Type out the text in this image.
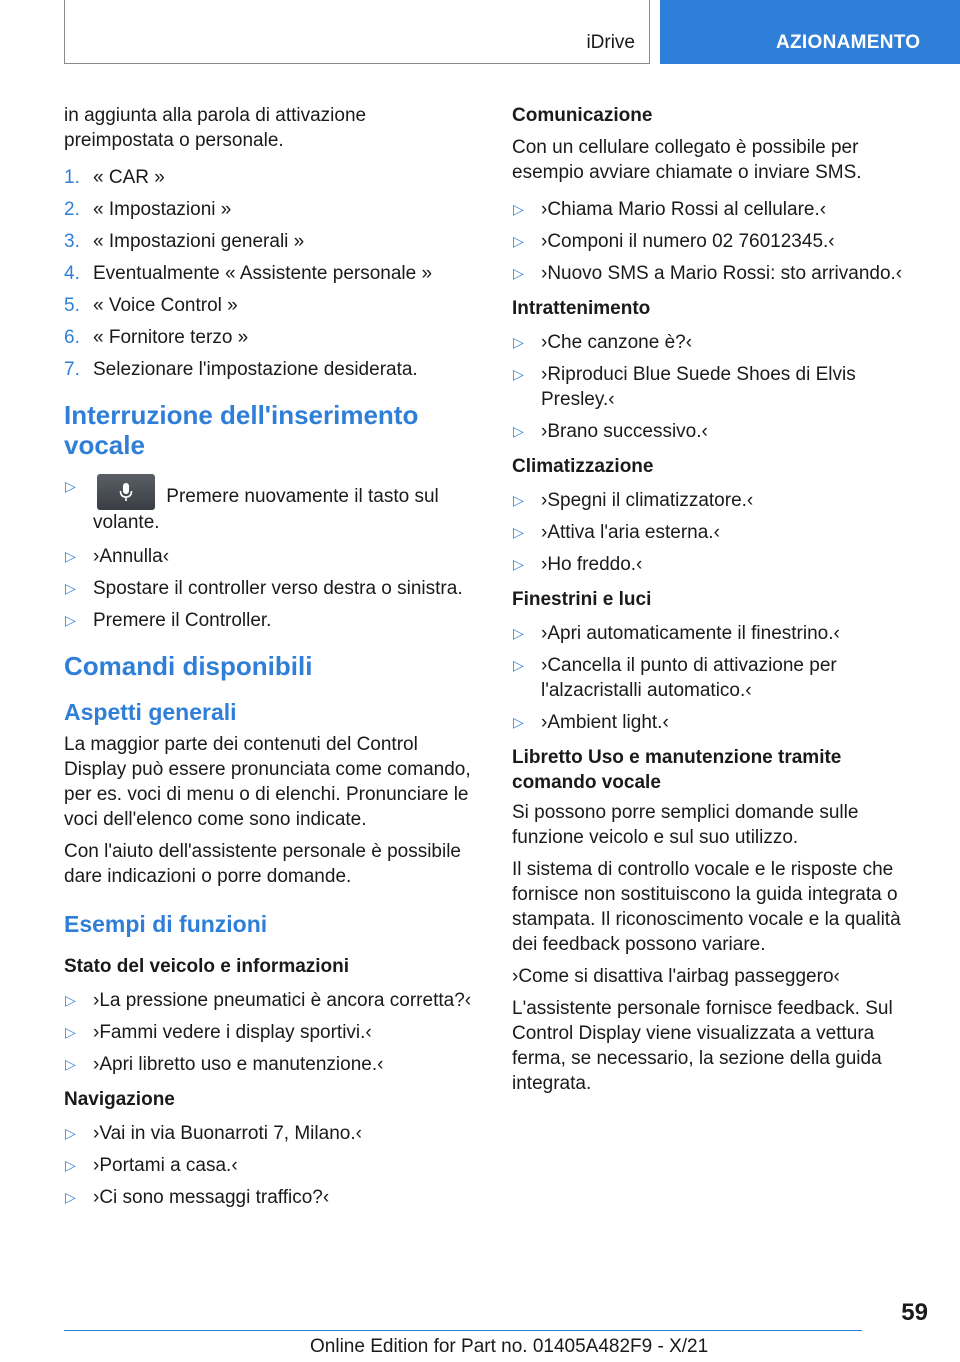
iDrive	AZIONAMENTO

in aggiunta alla parola di attivazione preimpostata o personale.

1. « CAR »
2. « Impostazioni »
3. « Impostazioni generali »
4. Eventualmente « Assistente personale »
5. « Voice Control »
6. « Fornitore terzo »
7. Selezionare l'impostazione desiderata.
Interruzione dell'inserimento vocale
▷	Premere nuovamente il tasto sul volante.
▷ ›Annulla‹
▷ Spostare il controller verso destra o sinistra.
▷ Premere il Controller.
Comandi disponibili
Aspetti generali

La maggior parte dei contenuti del Control Display può essere pronunciata come comando, per es. voci di menu o di elenchi. Pronunciare le voci dell'elenco come sono indicate.

Con l'aiuto dell'assistente personale è possibile dare indicazioni o porre domande.

Esempi di funzioni
Stato del veicolo e informazioni
▷ ›La pressione pneumatici è ancora corretta?‹
▷ ›Fammi vedere i display sportivi.‹
▷ ›Apri libretto uso e manutenzione.‹
Navigazione
▷ ›Vai in via Buonarroti 7, Milano.‹
▷ ›Portami a casa.‹
▷ ›Ci sono messaggi traffico?‹
Comunicazione

Con un cellulare collegato è possibile per esempio avviare chiamate o inviare SMS.

▷ ›Chiama Mario Rossi al cellulare.‹
▷ ›Componi il numero 02 76012345.‹
▷ ›Nuovo SMS a Mario Rossi: sto arrivando.‹
Intrattenimento
▷ ›Che canzone è?‹
▷ ›Riproduci Blue Suede Shoes di Elvis Presley.‹
▷ ›Brano successivo.‹
Climatizzazione
▷ ›Spegni il climatizzatore.‹
▷ ›Attiva l'aria esterna.‹
▷ ›Ho freddo.‹
Finestrini e luci
▷ ›Apri automaticamente il finestrino.‹
▷ ›Cancella il punto di attivazione per l'alzacristalli automatico.‹
▷ ›Ambient light.‹
Libretto Uso e manutenzione tramite comando vocale

Si possono porre semplici domande sulle funzione veicolo e sul suo utilizzo.

Il sistema di controllo vocale e le risposte che fornisce non sostituiscono la guida integrata o stampata. Il riconoscimento vocale e la qualità dei feedback possono variare.

›Come si disattiva l'airbag passeggero‹

L'assistente personale fornisce feedback. Sul Control Display viene visualizzata a vettura ferma, se necessario, la sezione della guida integrata.

59
Online Edition for Part no. 01405A482F9 - X/21
